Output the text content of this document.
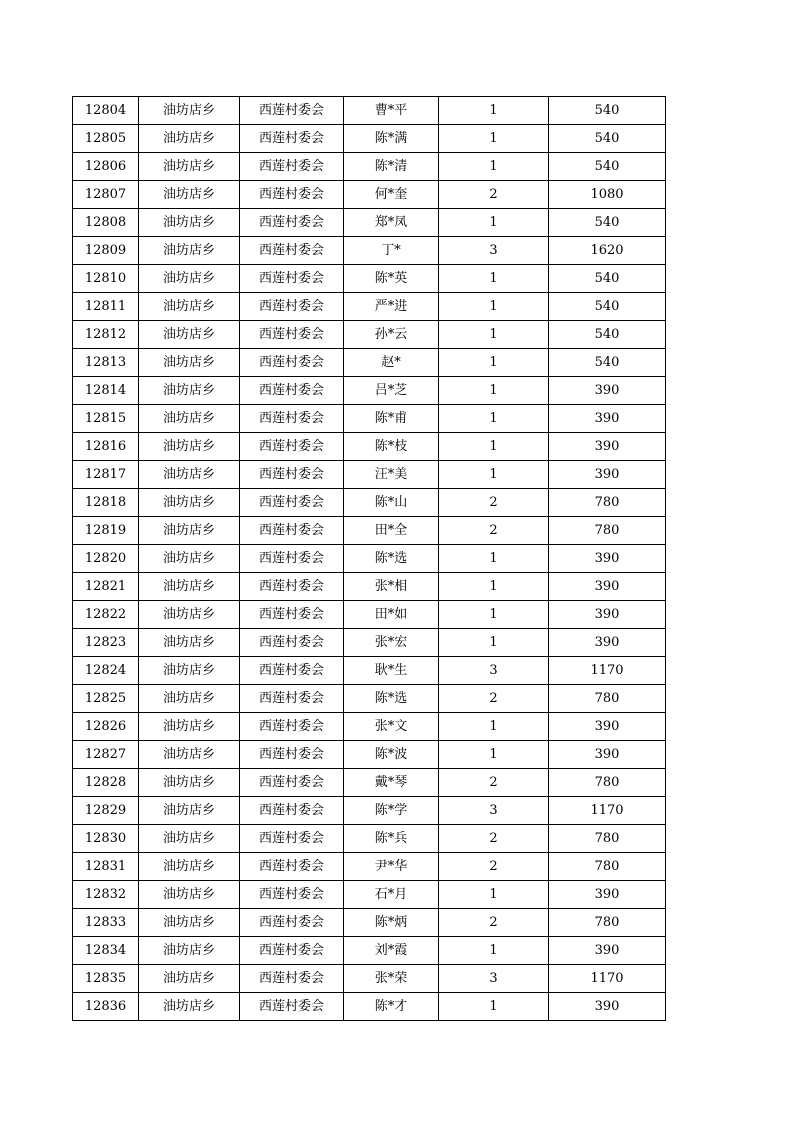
12804	油坊店乡	西莲村委会	曹*平	1	540
12805	油坊店乡	西莲村委会	陈*满	1	540
12806	油坊店乡	西莲村委会	陈*清	1	540
12807	油坊店乡	西莲村委会	何*奎	2	1080
12808	油坊店乡	西莲村委会	郑*凤	1	540
12809	油坊店乡	西莲村委会	丁*	3	1620
12810	油坊店乡	西莲村委会	陈*英	1	540
12811	油坊店乡	西莲村委会	严*进	1	540
12812	油坊店乡	西莲村委会	孙*云	1	540
12813	油坊店乡	西莲村委会	赵*	1	540
12814	油坊店乡	西莲村委会	吕*芝	1	390
12815	油坊店乡	西莲村委会	陈*甫	1	390
12816	油坊店乡	西莲村委会	陈*枝	1	390
12817	油坊店乡	西莲村委会	汪*美	1	390
12818	油坊店乡	西莲村委会	陈*山	2	780
12819	油坊店乡	西莲村委会	田*全	2	780
12820	油坊店乡	西莲村委会	陈*选	1	390
12821	油坊店乡	西莲村委会	张*相	1	390
12822	油坊店乡	西莲村委会	田*如	1	390
12823	油坊店乡	西莲村委会	张*宏	1	390
12824	油坊店乡	西莲村委会	耿*生	3	1170
12825	油坊店乡	西莲村委会	陈*选	2	780
12826	油坊店乡	西莲村委会	张*文	1	390
12827	油坊店乡	西莲村委会	陈*波	1	390
12828	油坊店乡	西莲村委会	戴*琴	2	780
12829	油坊店乡	西莲村委会	陈*学	3	1170
12830	油坊店乡	西莲村委会	陈*兵	2	780
12831	油坊店乡	西莲村委会	尹*华	2	780
12832	油坊店乡	西莲村委会	石*月	1	390
12833	油坊店乡	西莲村委会	陈*炳	2	780
12834	油坊店乡	西莲村委会	刘*霞	1	390
12835	油坊店乡	西莲村委会	张*荣	3	1170
12836	油坊店乡	西莲村委会	陈*才	1	390
